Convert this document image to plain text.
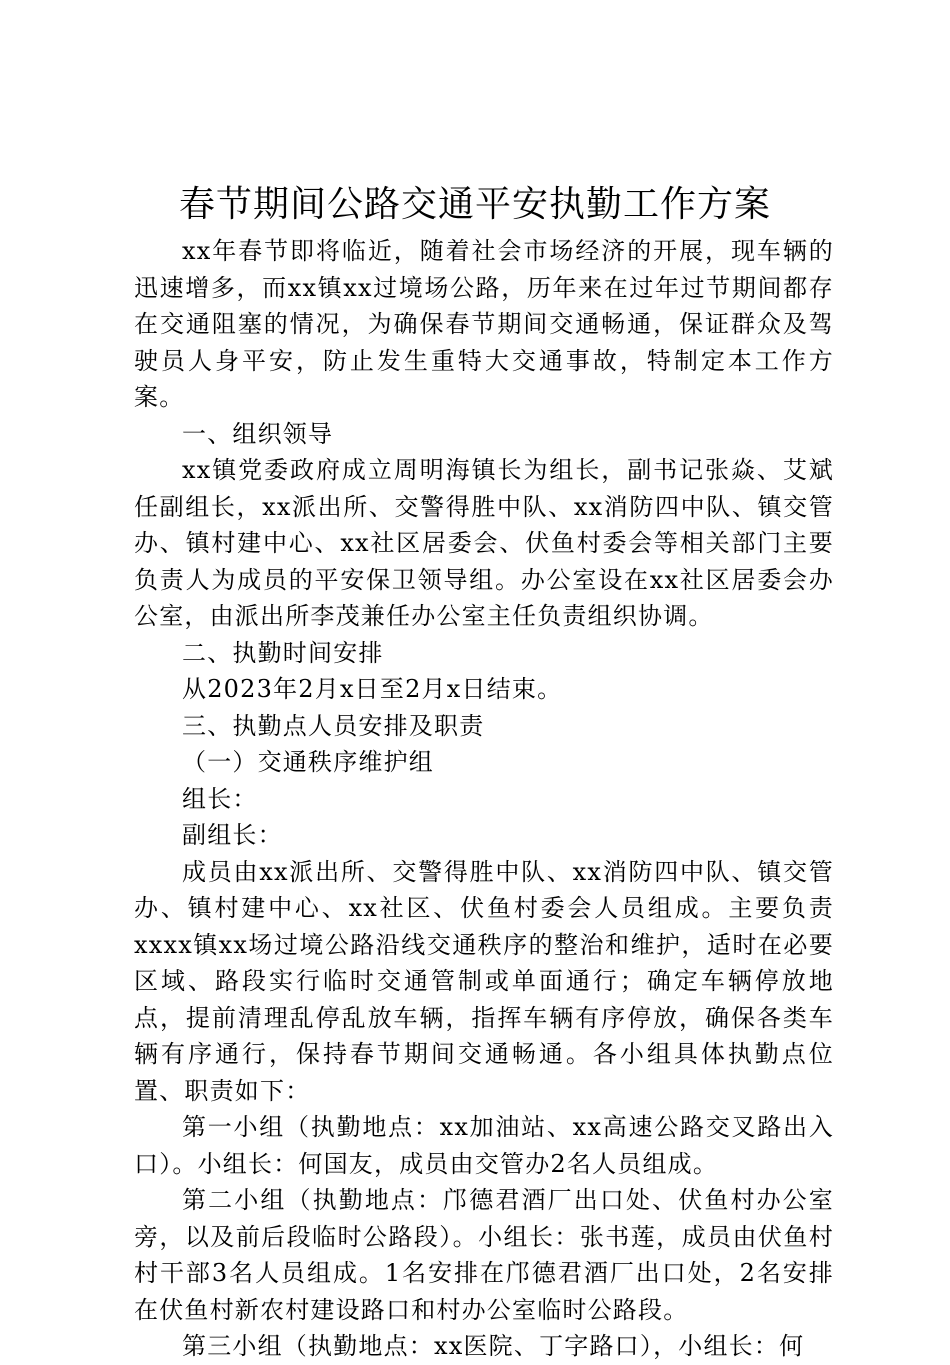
春节期间公路交通平安执勤工作方案

xx年春节即将临近，随着社会市场经济的开展，现车辆的迅速增多，而xx镇xx过境场公路，历年来在过年过节期间都存在交通阻塞的情况，为确保春节期间交通畅通，保证群众及驾驶员人身平安，防止发生重特大交通事故，特制定本工作方案。

一、组织领导

xx镇党委政府成立周明海镇长为组长，副书记张焱、艾斌任副组长，xx派出所、交警得胜中队、xx消防四中队、镇交管办、镇村建中心、xx社区居委会、伏鱼村委会等相关部门主要负责人为成员的平安保卫领导组。办公室设在xx社区居委会办公室，由派出所李茂兼任办公室主任负责组织协调。

二、执勤时间安排

从2023年2月x日至2月x日结束。

三、执勤点人员安排及职责

（一）交通秩序维护组

组长：

副组长：

成员由xx派出所、交警得胜中队、xx消防四中队、镇交管办、镇村建中心、xx社区、伏鱼村委会人员组成。主要负责xxxx镇xx场过境公路沿线交通秩序的整治和维护，适时在必要区域、路段实行临时交通管制或单面通行；确定车辆停放地点，提前清理乱停乱放车辆，指挥车辆有序停放，确保各类车辆有序通行，保持春节期间交通畅通。各小组具体执勤点位置、职责如下：

第一小组（执勤地点：xx加油站、xx高速公路交叉路出入口）。小组长：何国友，成员由交管办2名人员组成。

第二小组（执勤地点：邝德君酒厂出口处、伏鱼村办公室旁，以及前后段临时公路段）。小组长：张书莲，成员由伏鱼村村干部3名人员组成。1名安排在邝德君酒厂出口处，2名安排在伏鱼村新农村建设路口和村办公室临时公路段。

第三小组（执勤地点：xx医院、丁字路口），小组长：何
